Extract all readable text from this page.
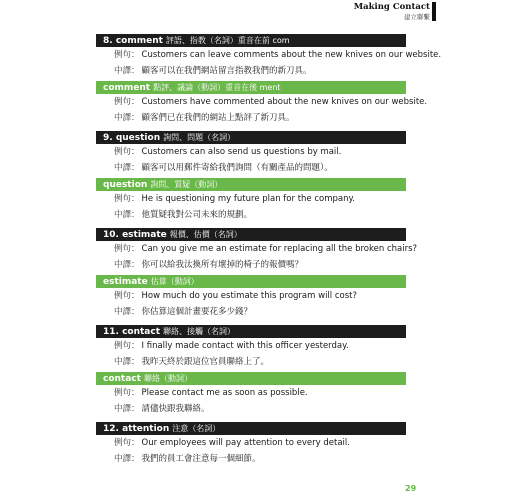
Making Contact
建立聯繫
8. comment 評語、指教（名詞）重音在前 com
例句： Customers can leave comments about the new knives on our website.
中譯： 顧客可以在我們網站留言指教我們的新刀具。
comment 點評、議論（動詞）重音在後 ment
例句： Customers have commented about the new knives on our website.
中譯： 顧客們已在我們的網站上點評了新刀具。
9. question 詢問、問題（名詞）
例句： Customers can also send us questions by mail.
中譯： 顧客可以用郵件寄給我們詢問（有關產品的問題）。
question 詢問、質疑（動詞）
例句： He is questioning my future plan for the company.
中譯： 他質疑我對公司未來的規劃。
10. estimate 報價、估價（名詞）
例句： Can you give me an estimate for replacing all the broken chairs?
中譯： 你可以給我汰換所有壞掉的椅子的報價嗎？
estimate 估算（動詞）
例句： How much do you estimate this program will cost?
中譯： 你估算這個計畫要花多少錢？
11. contact 聯絡、接觸（名詞）
例句： I finally made contact with this officer yesterday.
中譯： 我昨天終於跟這位官員聯絡上了。
contact 聯絡（動詞）
例句： Please contact me as soon as possible.
中譯： 請儘快跟我聯絡。
12. attention 注意（名詞）
例句： Our employees will pay attention to every detail.
中譯： 我們的員工會注意每一個細節。
29
